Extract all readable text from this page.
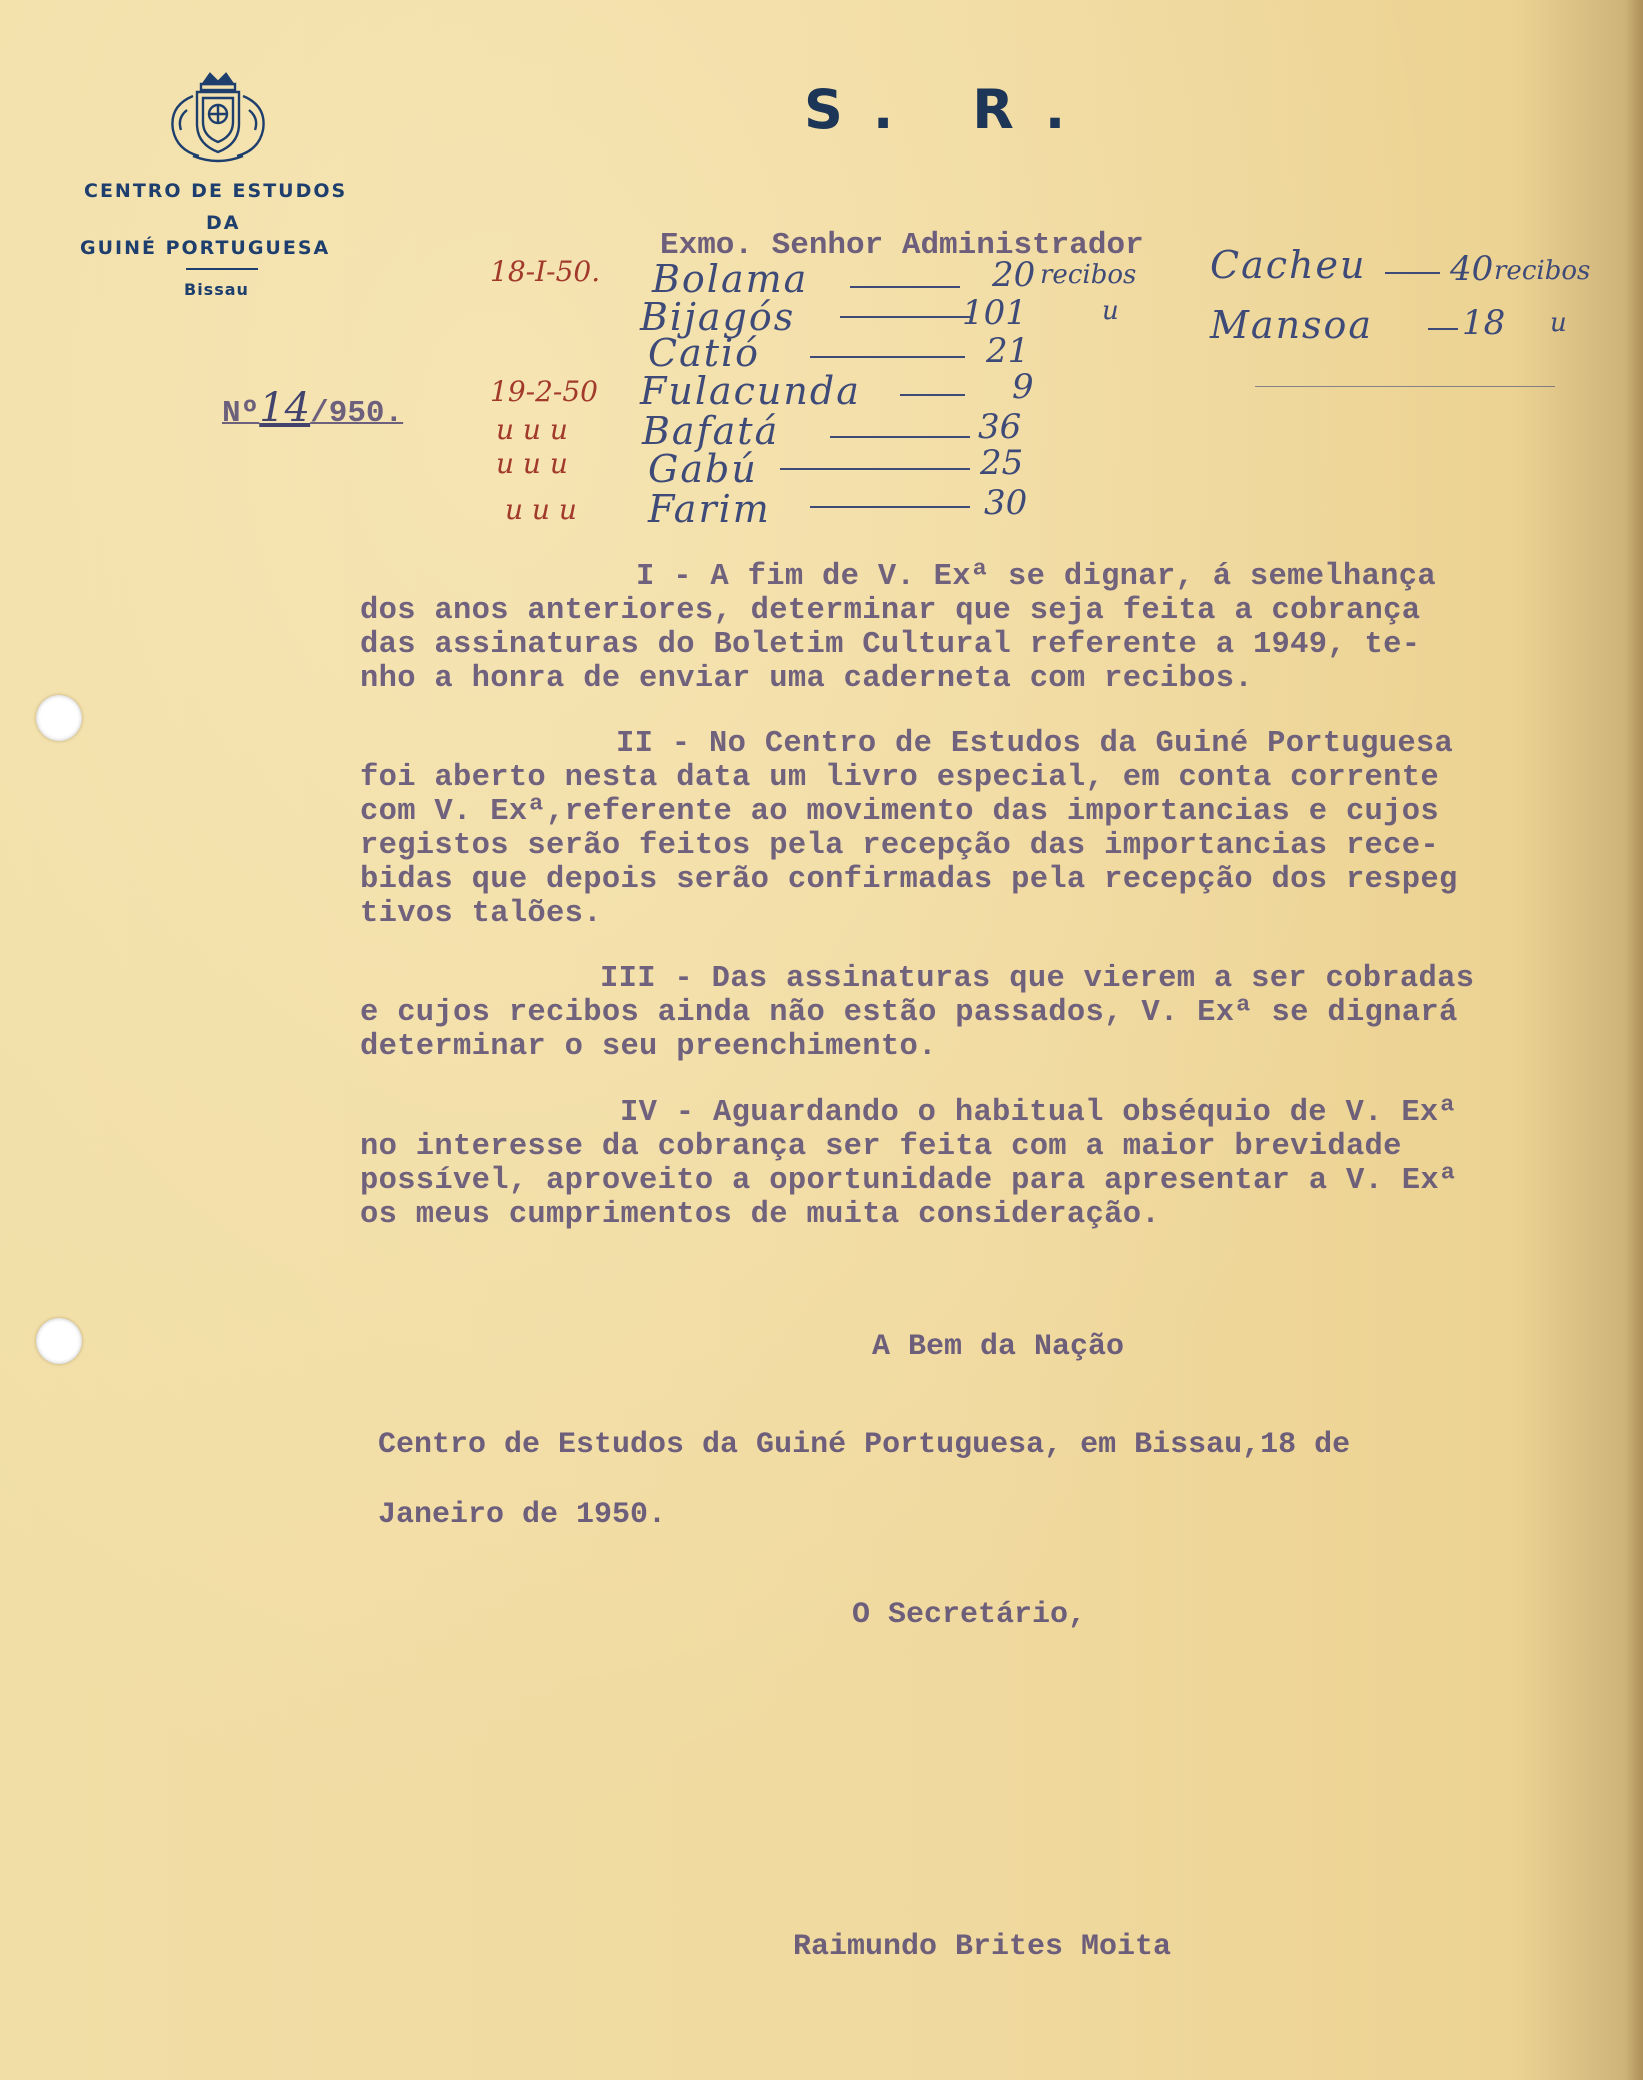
CENTRO DE ESTUDOS
DA
GUINÉ PORTUGUESA
Bissau
S. R.
Exmo. Senhor Administrador
Nº14/950.
18-I-50. Bolama	20 recibos
Bijagós	101	u
Catió	21
19-2-50 Fulacunda	9
u u u Bafatá	36
u u u Gabú	25
u u u Farim	30
Cacheu 40 recibos
Mansoa	18 u
I - A fim de V. Exª se dignar, á semelhança
dos anos anteriores, determinar que seja feita a cobrança
das assinaturas do Boletim Cultural referente a 1949, te-
nho a honra de enviar uma caderneta com recibos.
II - No Centro de Estudos da Guiné Portuguesa
foi aberto nesta data um livro especial, em conta corrente
com V. Exª,referente ao movimento das importancias e cujos
registos serão feitos pela recepção das importancias rece-
bidas que depois serão confirmadas pela recepção dos respeg
tivos talões.
III - Das assinaturas que vierem a ser cobradas
e cujos recibos ainda não estão passados, V. Exª se dignará
determinar o seu preenchimento.
IV - Aguardando o habitual obséquio de V. Exª
no interesse da cobrança ser feita com a maior brevidade
possível, aproveito a oportunidade para apresentar a V. Exª
os meus cumprimentos de muita consideração.
A Bem da Nação
Centro de Estudos da Guiné Portuguesa, em Bissau,18 de
Janeiro de 1950.
O Secretário,
Raimundo Brites Moita
